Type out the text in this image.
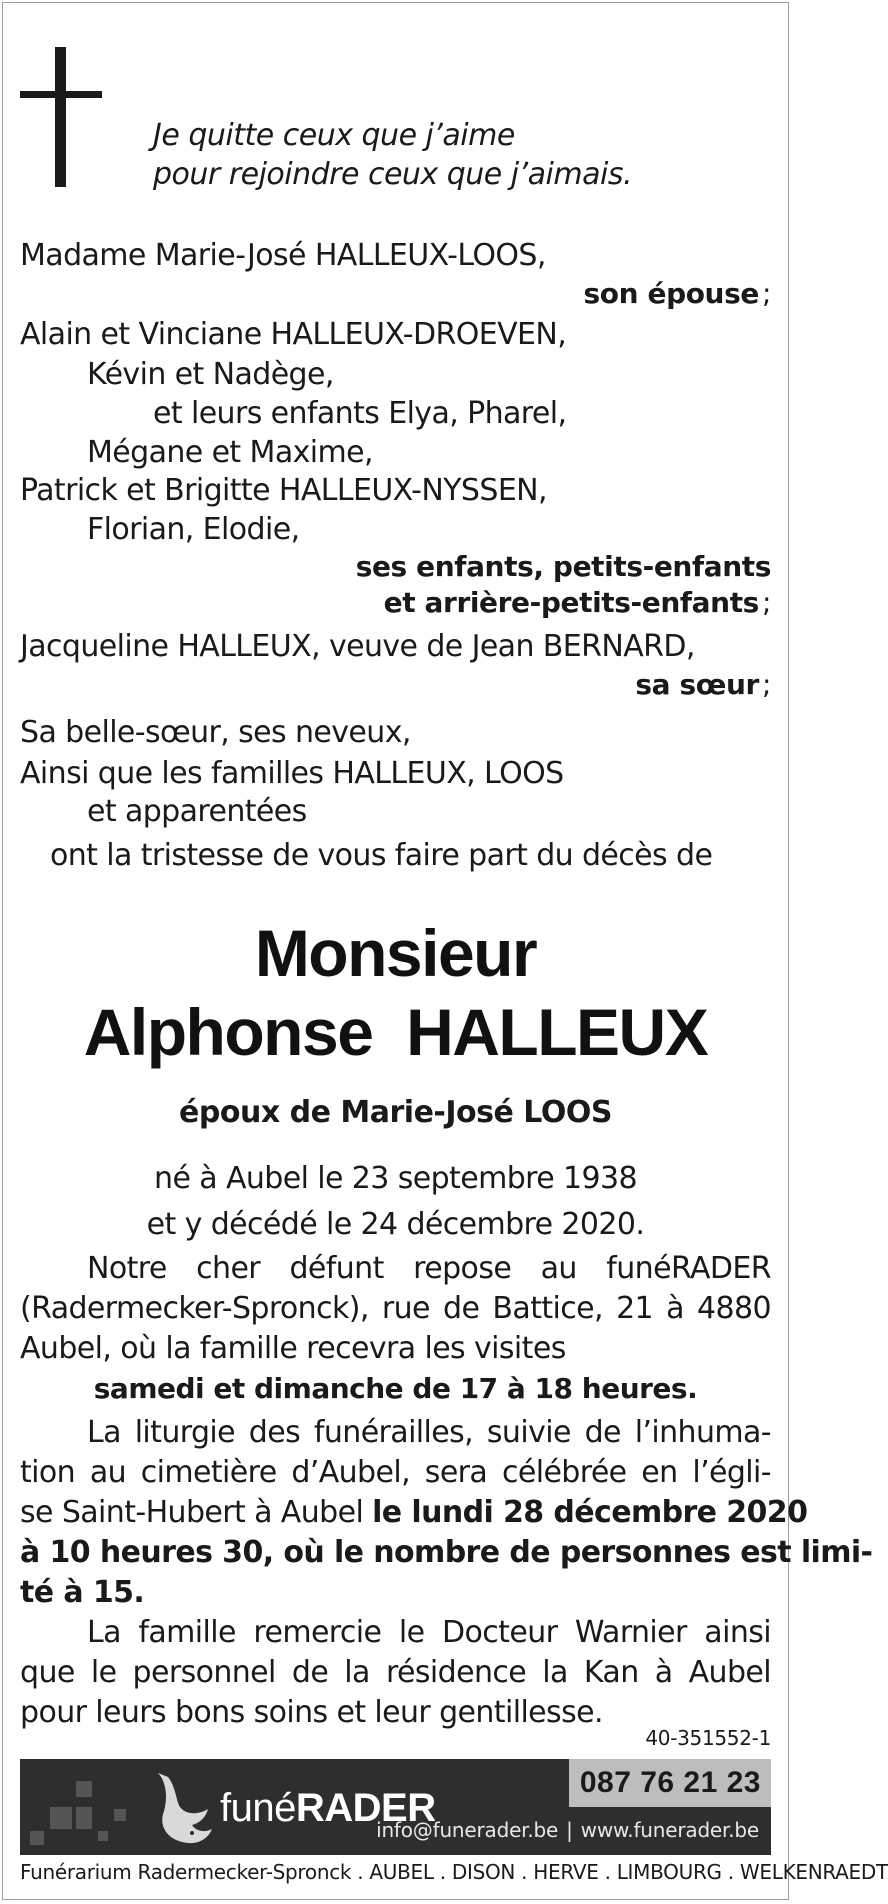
Je quitte ceux que j’aime
pour rejoindre ceux que j’aimais.
Madame Marie-José HALLEUX-LOOS,
son épouse ;
Alain et Vinciane HALLEUX-DROEVEN,
Kévin et Nadège,
et leurs enfants Elya, Pharel,
Mégane et Maxime,
Patrick et Brigitte HALLEUX-NYSSEN,
Florian, Elodie,
ses enfants, petits-enfants
et arrière-petits-enfants ;
Jacqueline HALLEUX, veuve de Jean BERNARD,
sa sœur ;
Sa belle-sœur, ses neveux,
Ainsi que les familles HALLEUX, LOOS
et apparentées
ont la tristesse de vous faire part du décès de
Monsieur
Alphonse  HALLEUX
époux de Marie-José LOOS
né à Aubel le 23 septembre 1938
et y décédé le 24 décembre 2020.
Notre cher défunt repose au funéRADER
(Radermecker-Spronck), rue de Battice, 21 à 4880
Aubel, où la famille recevra les visites
samedi et dimanche de 17 à 18 heures.
La liturgie des funérailles, suivie de l’inhuma-
tion au cimetière d’Aubel, sera célébrée en l’égli-
se Saint-Hubert à Aubel le lundi 28 décembre 2020
à 10 heures 30, où le nombre de personnes est limi-
té à 15.
La famille remercie le Docteur Warnier ainsi
que le personnel de la résidence la Kan à Aubel
pour leurs bons soins et leur gentillesse.
40-351552-1
funéRADER
087 76 21 23
info@funerader.be | www.funerader.be
Funérarium Radermecker-Spronck . AUBEL . DISON . HERVE . LIMBOURG . WELKENRAEDT
